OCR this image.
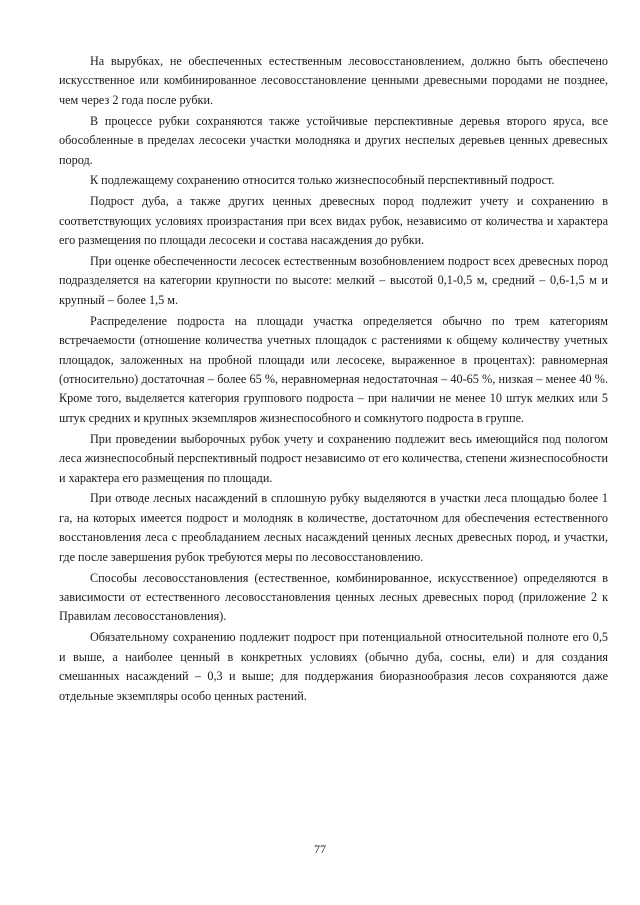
На вырубках, не обеспеченных естественным лесовосстановлением, должно быть обеспечено искусственное или комбинированное лесовосстановление ценными древесными породами не позднее, чем через 2 года после рубки.

В процессе рубки сохраняются также устойчивые перспективные деревья второго яруса, все обособленные в пределах лесосеки участки молодняка и других неспелых деревьев ценных древесных пород.

К подлежащему сохранению относится только жизнеспособный перспективный подрост.

Подрост дуба, а также других ценных древесных пород подлежит учету и сохранению в соответствующих условиях произрастания при всех видах рубок, независимо от количества и характера его размещения по площади лесосеки и состава насаждения до рубки.

При оценке обеспеченности лесосек естественным возобновлением подрост всех древесных пород подразделяется на категории крупности по высоте: мелкий – высотой 0,1-0,5 м, средний – 0,6-1,5 м и крупный – более 1,5 м.

Распределение подроста на площади участка определяется обычно по трем категориям встречаемости (отношение количества учетных площадок с растениями к общему количеству учетных площадок, заложенных на пробной площади или лесосеке, выраженное в процентах): равномерная (относительно) достаточная – более 65 %, неравномерная недостаточная – 40-65 %, низкая – менее 40 %. Кроме того, выделяется категория группового подроста – при наличии не менее 10 штук мелких или 5 штук средних и крупных экземпляров жизнеспособного и сомкнутого подроста в группе.

При проведении выборочных рубок учету и сохранению подлежит весь имеющийся под пологом леса жизнеспособный перспективный подрост независимо от его количества, степени жизнеспособности и характера его размещения по площади.

При отводе лесных насаждений в сплошную рубку выделяются в участки леса площадью более 1 га, на которых имеется подрост и молодняк в количестве, достаточном для обеспечения естественного восстановления леса с преобладанием лесных насаждений ценных лесных древесных пород, и участки, где после завершения рубок требуются меры по лесовосстановлению.

Способы лесовосстановления (естественное, комбинированное, искусственное) определяются в зависимости от естественного лесовосстановления ценных лесных древесных пород (приложение 2 к Правилам лесовосстановления).

Обязательному сохранению подлежит подрост при потенциальной относительной полноте его 0,5 и выше, а наиболее ценный в конкретных условиях (обычно дуба, сосны, ели) и для создания смешанных насаждений – 0,3 и выше; для поддержания биоразнообразия лесов сохраняются даже отдельные экземпляры особо ценных растений.

77
